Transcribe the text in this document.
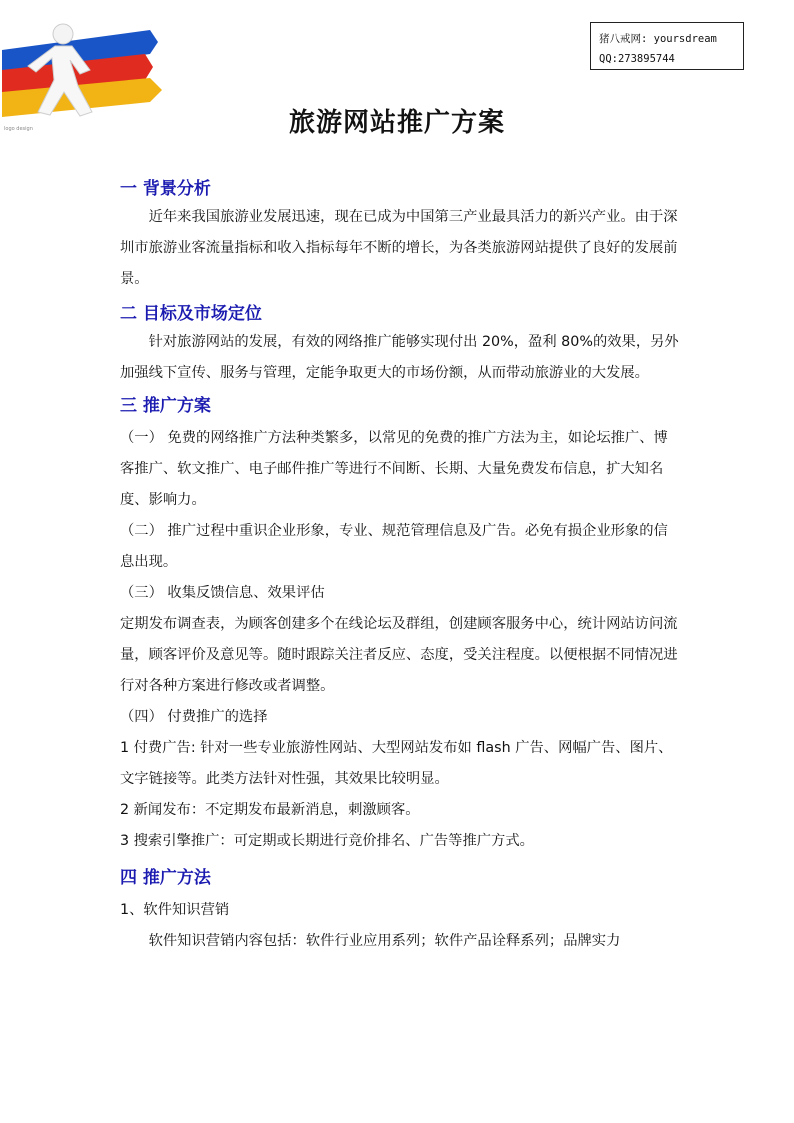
logo design
猪八戒网: yoursdream
QQ:273895744
旅游网站推广方案

一 背景分析

近年来我国旅游业发展迅速，现在已成为中国第三产业最具活力的新兴产业。由于深圳市旅游业客流量指标和收入指标每年不断的增长，为各类旅游网站提供了良好的发展前景。

二 目标及市场定位

针对旅游网站的发展，有效的网络推广能够实现付出 20%，盈利 80%的效果，另外加强线下宣传、服务与管理，定能争取更大的市场份额，从而带动旅游业的大发展。

三 推广方案

（一） 免费的网络推广方法种类繁多，以常见的免费的推广方法为主，如论坛推广、博客推广、软文推广、电子邮件推广等进行不间断、长期、大量免费发布信息，扩大知名度、影响力。

（二） 推广过程中重识企业形象，专业、规范管理信息及广告。必免有损企业形象的信息出现。

（三） 收集反馈信息、效果评估

定期发布调查表，为顾客创建多个在线论坛及群组，创建顾客服务中心，统计网站访问流量，顾客评价及意见等。随时跟踪关注者反应、态度，受关注程度。以便根据不同情况进行对各种方案进行修改或者调整。

（四） 付费推广的选择

1 付费广告: 针对一些专业旅游性网站、大型网站发布如 flash 广告、网幅广告、图片、文字链接等。此类方法针对性强，其效果比较明显。

2 新闻发布：不定期发布最新消息，刺激顾客。

3 搜索引擎推广：可定期或长期进行竞价排名、广告等推广方式。

四 推广方法

1、软件知识营销

软件知识营销内容包括：软件行业应用系列；软件产品诠释系列；品牌实力
